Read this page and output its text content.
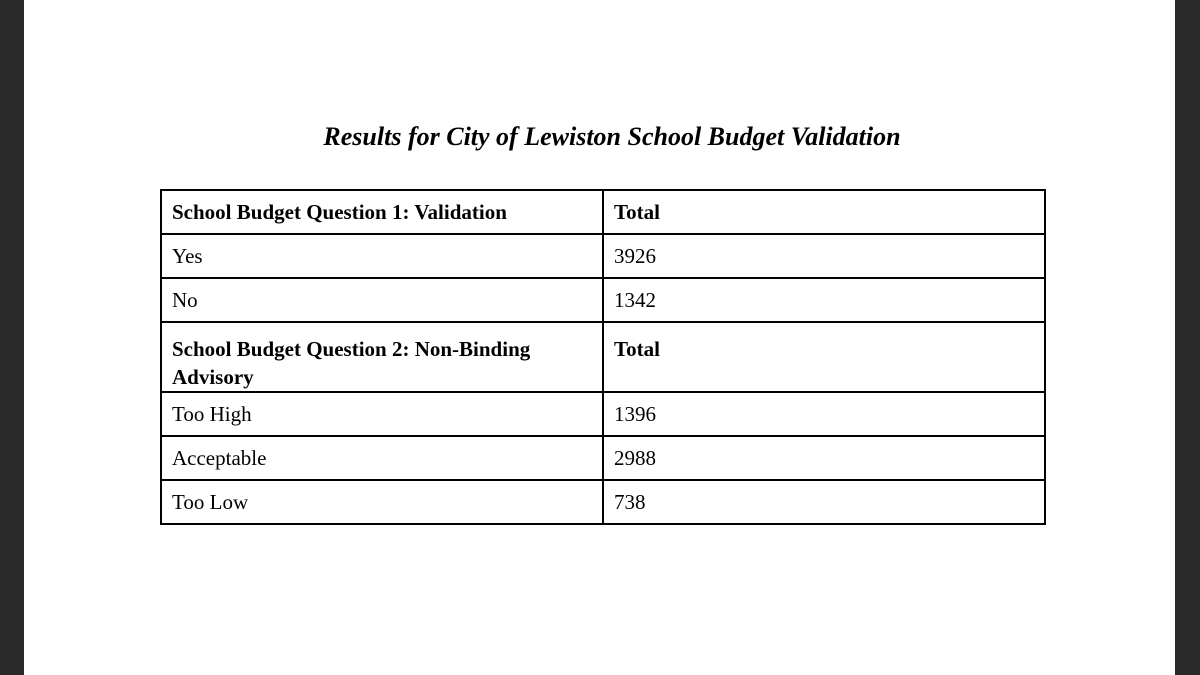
Results for City of Lewiston School Budget Validation
School Budget Question 1: Validation	Total
Yes	3926
No	1342
School Budget Question 2: Non-Binding Advisory	Total
Too High	1396
Acceptable	2988
Too Low	738
